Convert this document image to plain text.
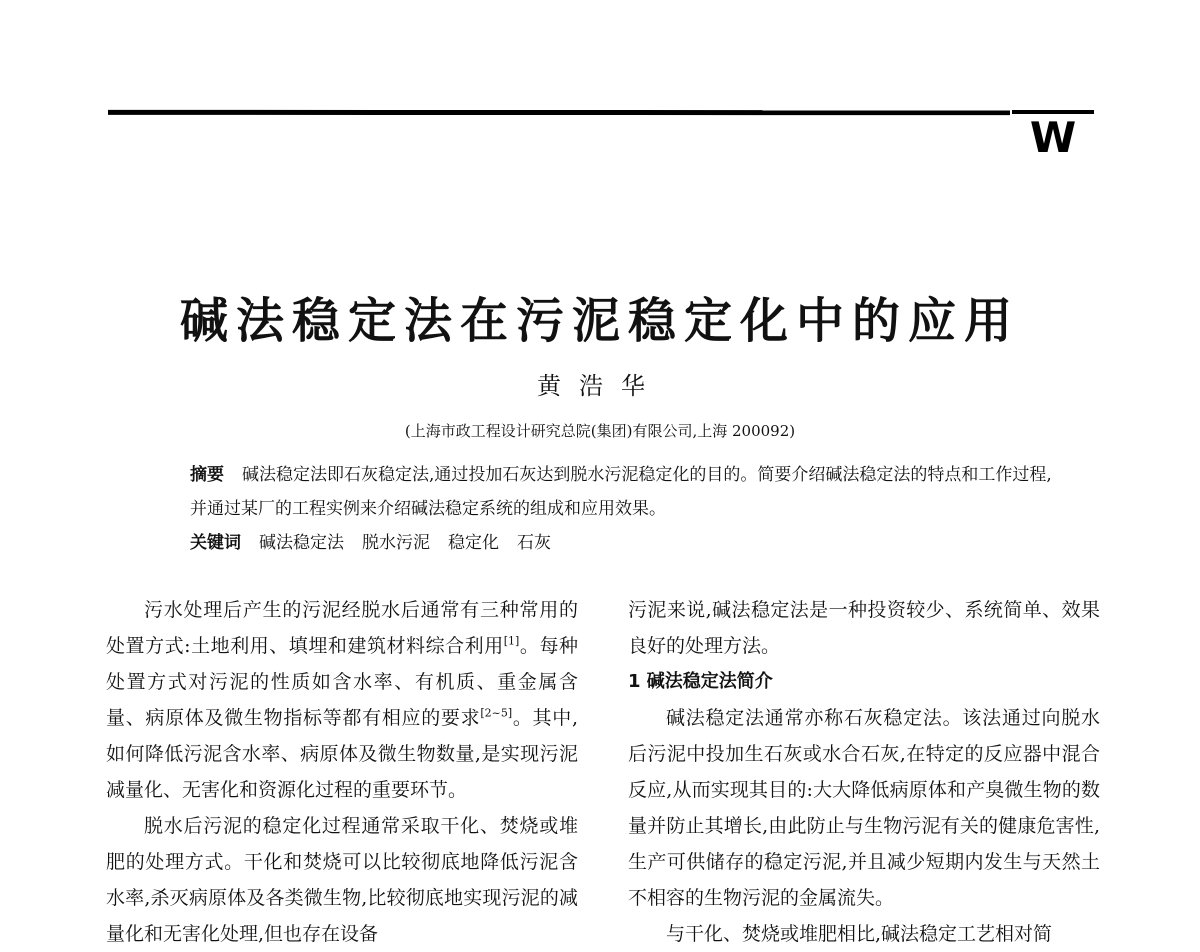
W
碱法稳定法在污泥稳定化中的应用
黄浩华
(上海市政工程设计研究总院(集团)有限公司,上海 200092)
摘要 碱法稳定法即石灰稳定法,通过投加石灰达到脱水污泥稳定化的目的。简要介绍碱法稳定法的特点和工作过程,并通过某厂的工程实例来介绍碱法稳定系统的组成和应用效果。
关键词 碱法稳定法 脱水污泥 稳定化 石灰

污水处理后产生的污泥经脱水后通常有三种常用的处置方式:土地利用、填埋和建筑材料综合利用[1]。每种处置方式对污泥的性质如含水率、有机质、重金属含量、病原体及微生物指标等都有相应的要求[2~5]。其中,如何降低污泥含水率、病原体及微生物数量,是实现污泥减量化、无害化和资源化过程的重要环节。

脱水后污泥的稳定化过程通常采取干化、焚烧或堆肥的处理方式。干化和焚烧可以比较彻底地降低污泥含水率,杀灭病原体及各类微生物,比较彻底地实现污泥的减量化和无害化处理,但也存在设备

污泥来说,碱法稳定法是一种投资较少、系统简单、效果良好的处理方法。

1 碱法稳定法简介

碱法稳定法通常亦称石灰稳定法。该法通过向脱水后污泥中投加生石灰或水合石灰,在特定的反应器中混合反应,从而实现其目的:大大降低病原体和产臭微生物的数量并防止其增长,由此防止与生物污泥有关的健康危害性,生产可供储存的稳定污泥,并且减少短期内发生与天然土不相容的生物污泥的金属流失。

与干化、焚烧或堆肥相比,碱法稳定工艺相对简
